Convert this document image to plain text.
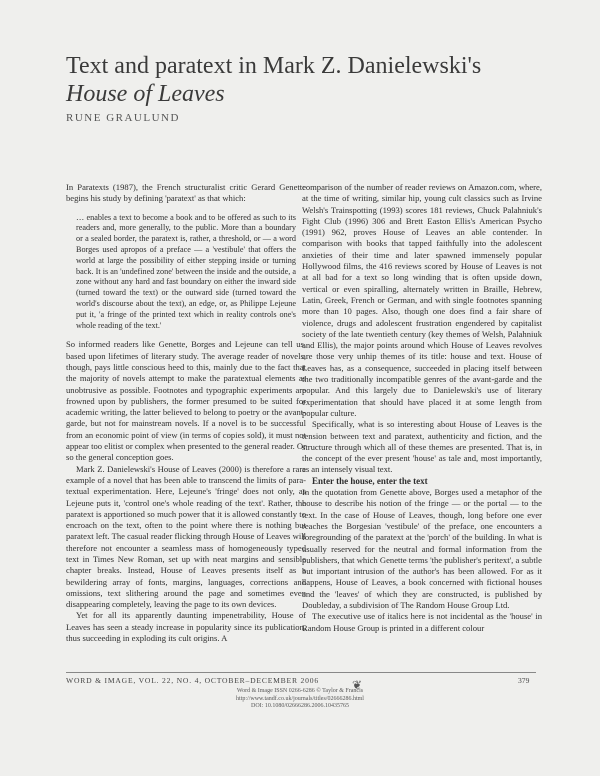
Text and paratext in Mark Z. Danielewski's House of Leaves
RUNE GRAULUND

In Paratexts (1987), the French structuralist critic Gerard Genette begins his study by defining 'paratext' as that which:

… enables a text to become a book and to be offered as such to its readers and, more generally, to the public. More than a boundary or a sealed border, the paratext is, rather, a threshold, or — a word Borges used apropos of a preface — a 'vestibule' that offers the world at large the possibility of either stepping inside or turning back. It is an 'undefined zone' between the inside and the outside, a zone without any hard and fast boundary on either the inward side (turned toward the text) or the outward side (turned toward the world's discourse about the text), an edge, or, as Philippe Lejeune put it, 'a fringe of the printed text which in reality controls one's whole reading of the text.'

So informed readers like Genette, Borges and Lejeune can tell us, based upon lifetimes of literary study. The average reader of novels, though, pays little conscious heed to this, mainly due to the fact that the majority of novels attempt to make the paratextual elements as unobtrusive as possible. Footnotes and typographic experiments are frowned upon by publishers, the former presumed to be suited for academic writing, the latter believed to belong to poetry or the avant-garde, but not for mainstream novels. If a novel is to be successful from an economic point of view (in terms of copies sold), it must not appear too elitist or complex when presented to the general reader. Or so the general conception goes.

Mark Z. Danielewski's House of Leaves (2000) is therefore a rare example of a novel that has been able to transcend the limits of para-textual experimentation. Here, Lejeune's 'fringe' does not only, as Lejeune puts it, 'control one's whole reading of the text'. Rather, the paratext is apportioned so much power that it is allowed constantly to encroach on the text, often to the point where there is nothing but paratext left. The casual reader flicking through House of Leaves will therefore not encounter a seamless mass of homogeneously typed text in Times New Roman, set up with neat margins and sensible chapter breaks. Instead, House of Leaves presents itself as a bewildering array of fonts, margins, languages, corrections and omissions, text slithering around the page and sometimes even disappearing completely, leaving the page to its own devices.

Yet for all its apparently daunting impenetrability, House of Leaves has seen a steady increase in popularity since its publication, thus succeeding in exploding its cult origins. A

comparison of the number of reader reviews on Amazon.com, where, at the time of writing, similar hip, young cult classics such as Irvine Welsh's Trainspotting (1993) scores 181 reviews, Chuck Palahniuk's Fight Club (1996) 306 and Brett Easton Ellis's American Psycho (1991) 962, proves House of Leaves an able contender. In comparison with books that tapped faithfully into the adolescent anxieties of their time and later spawned immensely popular Hollywood films, the 416 reviews scored by House of Leaves is not at all bad for a text so long winding that is often upside down, vertical or even spiralling, alternately written in Braille, Hebrew, Latin, Greek, French or German, and with single footnotes spanning more than 10 pages. Also, though one does find a fair share of violence, drugs and adolescent frustration engendered by capitalist society of the late twentieth century (key themes of Welsh, Palahniuk and Ellis), the major points around which House of Leaves revolves are those very unhip themes of its title: house and text. House of Leaves has, as a consequence, succeeded in placing itself between the two traditionally incompatible genres of the avant-garde and the popular. And this largely due to Danielewski's use of literary experimentation that should have placed it at some length from popular culture.

Specifically, what is so interesting about House of Leaves is the tension between text and paratext, authenticity and fiction, and the structure through which all of these themes are presented. That is, in the concept of the ever present 'house' as tale and, most importantly, as an intensely visual text.

Enter the house, enter the text

In the quotation from Genette above, Borges used a metaphor of the house to describe his notion of the fringe — or the portal — to the text. In the case of House of Leaves, though, long before one ever reaches the Borgesian 'vestibule' of the preface, one encounters a foregrounding of the paratext at the 'porch' of the building. In what is usually reserved for the neutral and formal information from the publishers, that which Genette terms 'the publisher's peritext', a subtle but important intrusion of the author's has been allowed. For as it happens, House of Leaves, a book concerned with fictional houses and the 'leaves' of which they are constructed, is published by Doubleday, a subdivision of The Random House Group Ltd.

The executive use of italics here is not incidental as the 'house' in Random House Group is printed in a different colour

WORD & IMAGE, VOL. 22, NO. 4, OCTOBER–DECEMBER 2006	379
❦
Word & Image ISSN 0266-6286 © Taylor & Francis
http://www.tandf.co.uk/journals/titles/02666286.html
DOI: 10.1080/02666286.2006.10435765
